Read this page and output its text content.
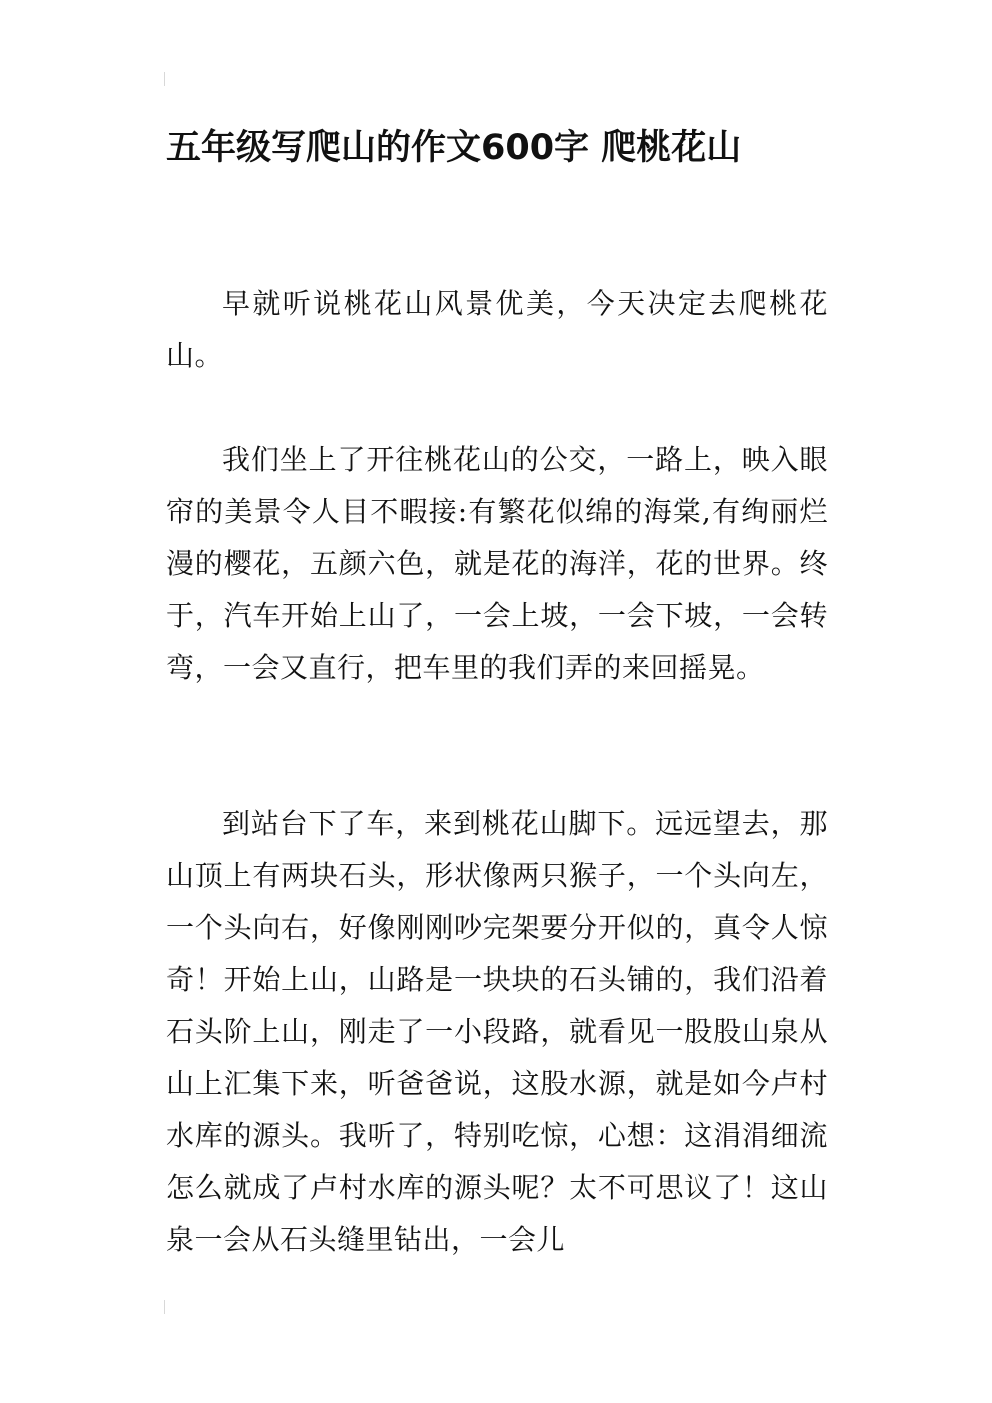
五年级写爬山的作文600字 爬桃花山

早就听说桃花山风景优美，今天决定去爬桃花山。

我们坐上了开往桃花山的公交，一路上，映入眼帘的美景令人目不暇接:有繁花似绵的海棠,有绚丽烂漫的樱花，五颜六色，就是花的海洋，花的世界。终于，汽车开始上山了，一会上坡，一会下坡，一会转弯，一会又直行，把车里的我们弄的来回摇晃。

到站台下了车，来到桃花山脚下。远远望去，那山顶上有两块石头，形状像两只猴子，一个头向左，一个头向右，好像刚刚吵完架要分开似的，真令人惊奇！开始上山，山路是一块块的石头铺的，我们沿着石头阶上山，刚走了一小段路，就看见一股股山泉从山上汇集下来，听爸爸说，这股水源，就是如今卢村水库的源头。我听了，特别吃惊，心想：这涓涓细流怎么就成了卢村水库的源头呢？太不可思议了！这山泉一会从石头缝里钻出，一会儿
